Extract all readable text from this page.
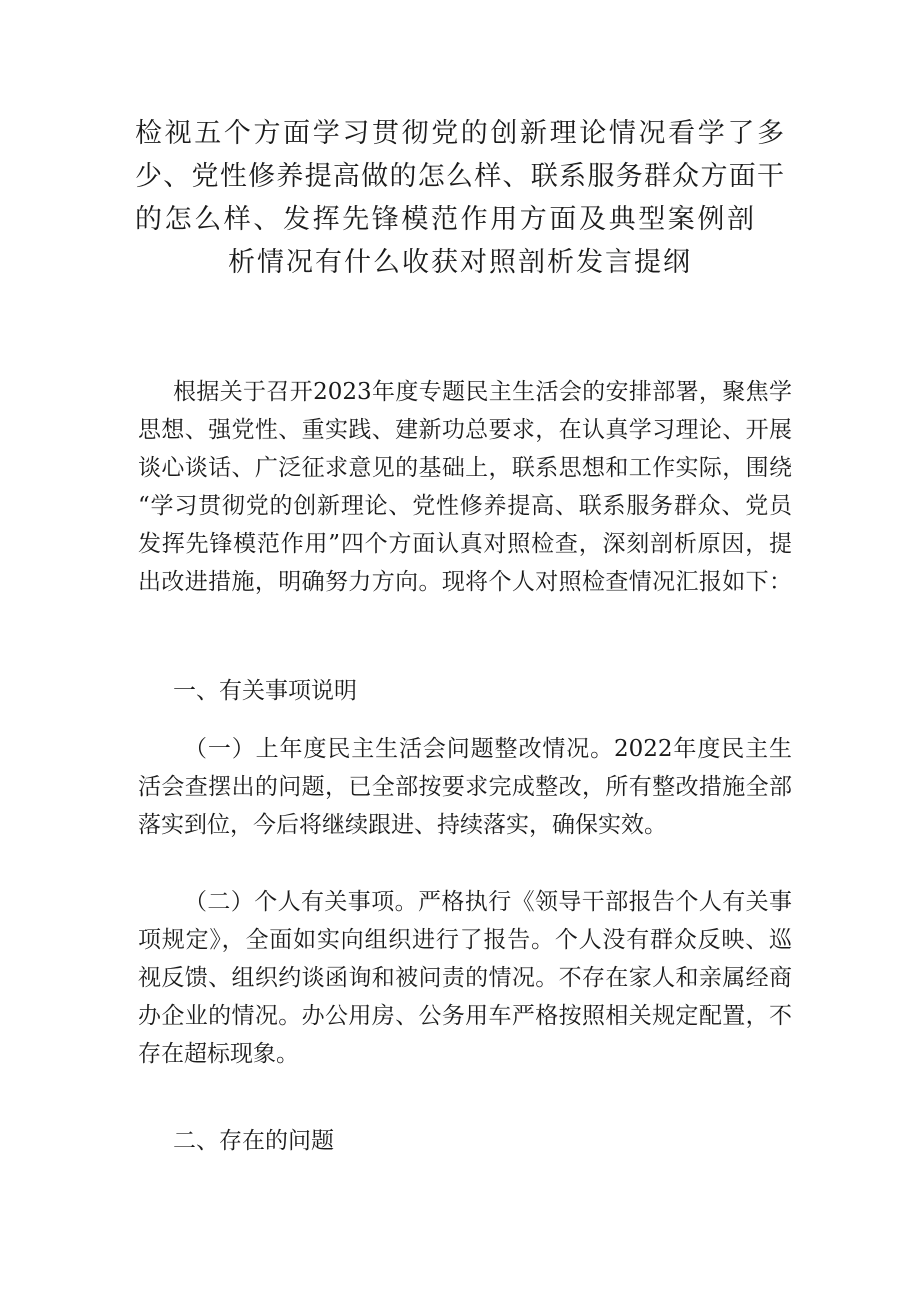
检视五个方面学习贯彻党的创新理论情况看学了多
少、党性修养提高做的怎么样、联系服务群众方面干
的怎么样、发挥先锋模范作用方面及典型案例剖
析情况有什么收获对照剖析发言提纲
根据关于召开2023年度专题民主生活会的安排部署，聚焦学
思想、强党性、重实践、建新功总要求，在认真学习理论、开展
谈心谈话、广泛征求意见的基础上，联系思想和工作实际，围绕
“学习贯彻党的创新理论、党性修养提高、联系服务群众、党员
发挥先锋模范作用”四个方面认真对照检查，深刻剖析原因，提
出改进措施，明确努力方向。现将个人对照检查情况汇报如下：
一、有关事项说明
（一）上年度民主生活会问题整改情况。2022年度民主生
活会查摆出的问题，已全部按要求完成整改，所有整改措施全部
落实到位，今后将继续跟进、持续落实，确保实效。
（二）个人有关事项。严格执行《领导干部报告个人有关事
项规定》，全面如实向组织进行了报告。个人没有群众反映、巡
视反馈、组织约谈函询和被问责的情况。不存在家人和亲属经商
办企业的情况。办公用房、公务用车严格按照相关规定配置，不
存在超标现象。
二、存在的问题
